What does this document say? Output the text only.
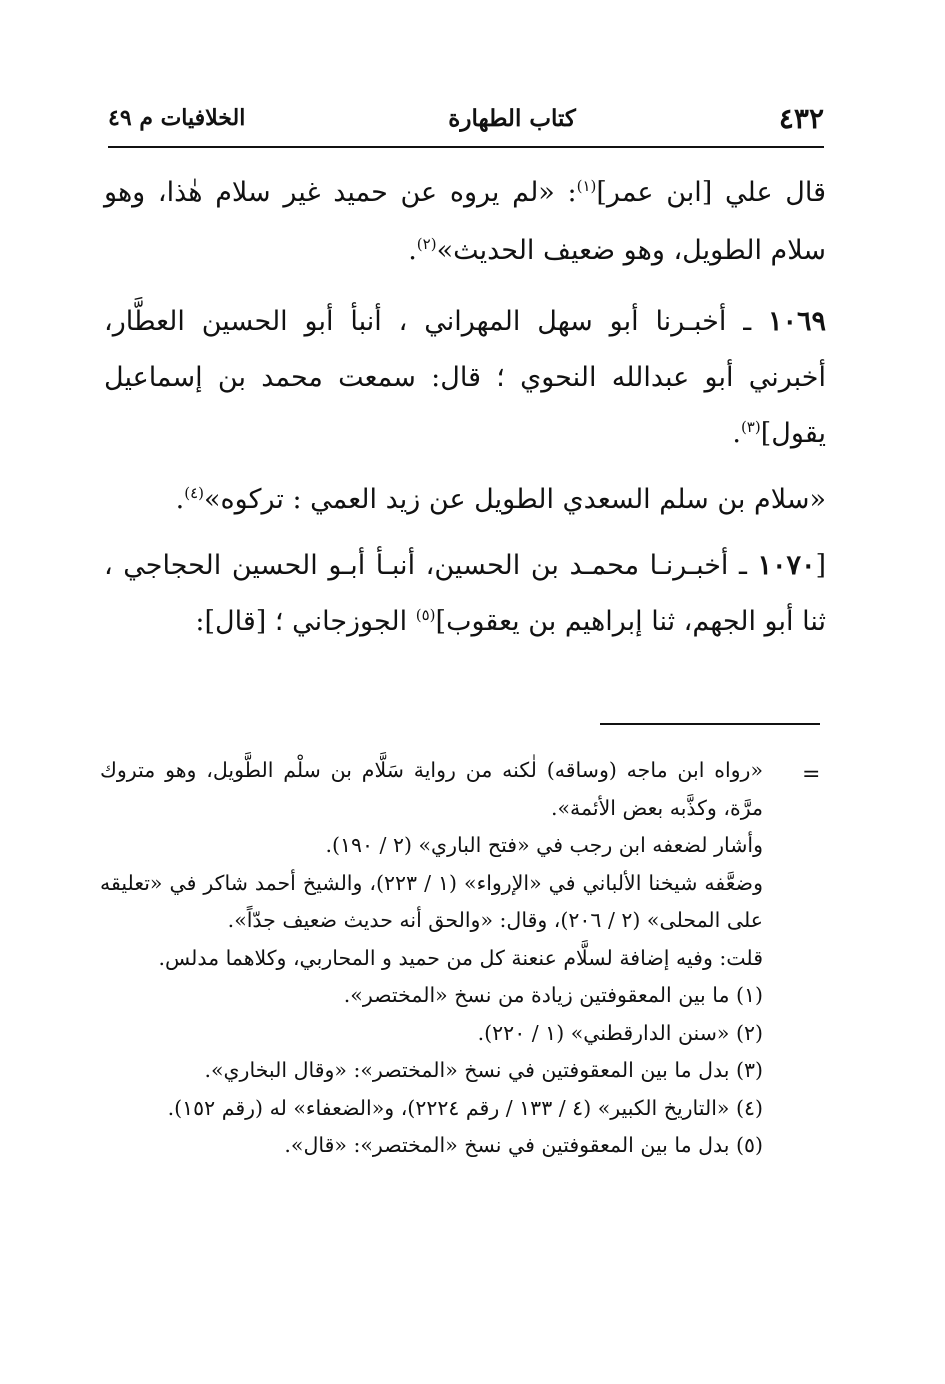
٤٣٢
كتاب الطهارة
الخلافيات م ٤٩

قال علي [ابن عمر]$^{(١)}$: «لم يروه عن حميد غير سلام هٰذا، وهو سلام الطويل، وهو ضعيف الحديث»$^{(٢)}$.

١٠٦٩ ـ أخبـرنا أبو سهل المهراني ، أنبأ أبو الحسين العطَّار، أخبرني أبو عبدالله النحوي ؛ قال: سمعت محمد بن إسماعيل يقول]$^{(٣)}$.

«سلام بن سلم السعدي الطويل عن زيد العمي : تركوه»$^{(٤)}$.

[١٠٧٠ ـ أخبـرنـا محمـد بن الحسين، أنبـأ أبـو الحسين الحجاجي ، ثنا أبو الجهم، ثنا إبراهيم بن يعقوب]$^{(٥)}$ الجوزجاني ؛ [قال]:

=

«رواه ابن ماجه (وساقه) لٰكنه من رواية سَلَّام بن سلْم الطَّويل، وهو متروك مرَّة، وكذَّبه بعض الأئمة».

وأشار لضعفه ابن رجب في «فتح الباري» (٢ / ١٩٠).

وضعَّفه شيخنا الألباني في «الإرواء» (١ / ٢٢٣)، والشيخ أحمد شاكر في «تعليقه على المحلى» (٢ / ٢٠٦)، وقال: «والحق أنه حديث ضعيف جدّاً».

قلت: وفيه إضافة لسلَّام عنعنة كل من حميد و المحاربي، وكلاهما مدلس.

(١) ما بين المعقوفتين زيادة من نسخ «المختصر».

(٢) «سنن الدارقطني» (١ / ٢٢٠).

(٣) بدل ما بين المعقوفتين في نسخ «المختصر»: «وقال البخاري».

(٤) «التاريخ الكبير» (٤ / ١٣٣ / رقم ٢٢٢٤)، و«الضعفاء» له (رقم ١٥٢).

(٥) بدل ما بين المعقوفتين في نسخ «المختصر»: «قال».
